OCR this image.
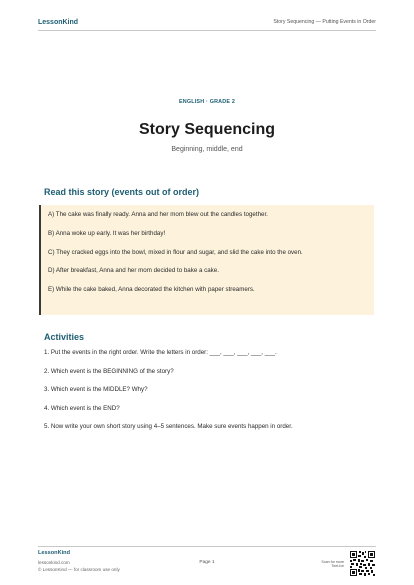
LessonKind	Story Sequencing — Putting Events in Order
ENGLISH · GRADE 2
Story Sequencing
Beginning, middle, end
Read this story (events out of order)
A) The cake was finally ready. Anna and her mom blew out the candles together.
B) Anna woke up early. It was her birthday!
C) They cracked eggs into the bowl, mixed in flour and sugar, and slid the cake into the oven.
D) After breakfast, Anna and her mom decided to bake a cake.
E) While the cake baked, Anna decorated the kitchen with paper streamers.
Activities
1. Put the events in the right order. Write the letters in order: ___, ___, ___, ___, ___.
2. Which event is the BEGINNING of the story?
3. Which event is the MIDDLE? Why?
4. Which event is the END?
5. Now write your own short story using 4–5 sentences. Make sure events happen in order.
LessonKind
lessonkind.com
© LessonKind — for classroom use only
Page 1	Scan for more Teet-ive
